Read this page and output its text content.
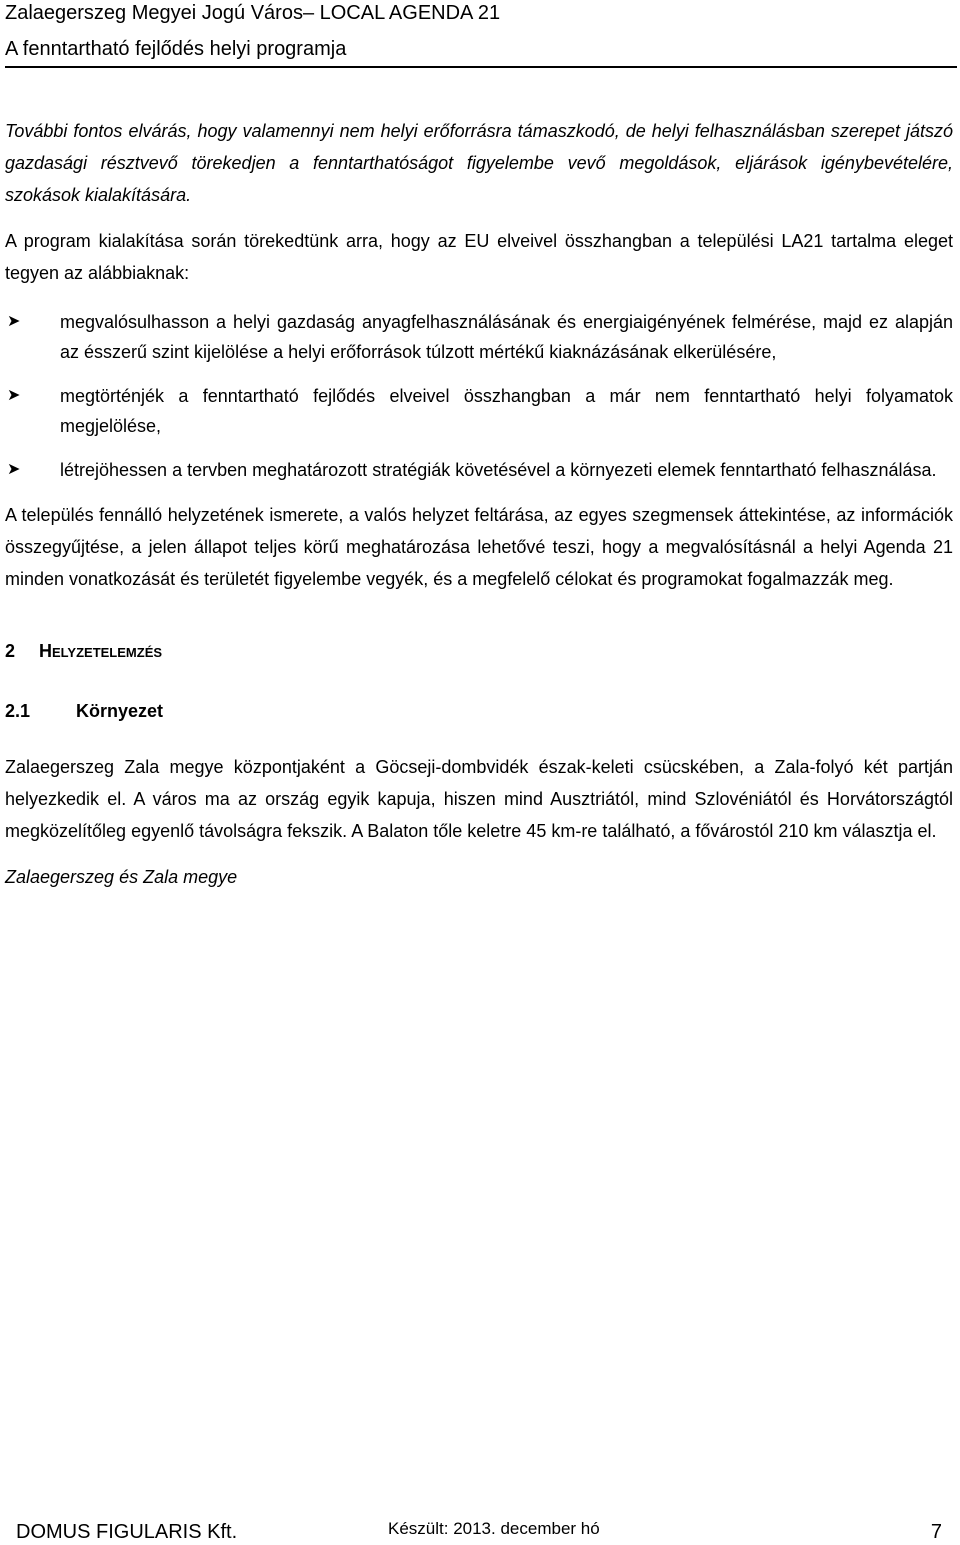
Zalaegerszeg Megyei Jogú Város– LOCAL AGENDA 21
A fenntartható fejlődés helyi programja

További fontos elvárás, hogy valamennyi nem helyi erőforrásra támaszkodó, de helyi felhasználásban szerepet játszó gazdasági résztvevő törekedjen a fenntarthatóságot figyelembe vevő megoldások, eljárások igénybevételére, szokások kialakítására.

A program kialakítása során törekedtünk arra, hogy az EU elveivel összhangban a települési LA21 tartalma eleget tegyen az alábbiaknak:

➤ megvalósulhasson a helyi gazdaság anyagfelhasználásának és energiaigényének felmérése, majd ez alapján az ésszerű szint kijelölése a helyi erőforrások túlzott mértékű kiaknázásának elkerülésére,
➤ megtörténjék a fenntartható fejlődés elveivel összhangban a már nem fenntartható helyi folyamatok megjelölése,
➤ létrejöhessen a tervben meghatározott stratégiák követésével a környezeti elemek fenntartható felhasználása.

A település fennálló helyzetének ismerete, a valós helyzet feltárása, az egyes szegmensek áttekintése, az információk összegyűjtése, a jelen állapot teljes körű meghatározása lehetővé teszi, hogy a megvalósításnál a helyi Agenda 21 minden vonatkozását és területét figyelembe vegyék, és a megfelelő célokat és programokat fogalmazzák meg.

2 Helyzetelemzés
2.1	Környezet

Zalaegerszeg Zala megye központjaként a Göcseji-dombvidék észak-keleti csücskében, a Zala-folyó két partján helyezkedik el. A város ma az ország egyik kapuja, hiszen mind Ausztriától, mind Szlovéniától és Horvátországtól megközelítőleg egyenlő távolságra fekszik. A Balaton tőle keletre 45 km-re található, a fővárostól 210 km választja el.

Zalaegerszeg és Zala megye

DOMUS FIGULARIS Kft.	Készült: 2013. december hó	7
